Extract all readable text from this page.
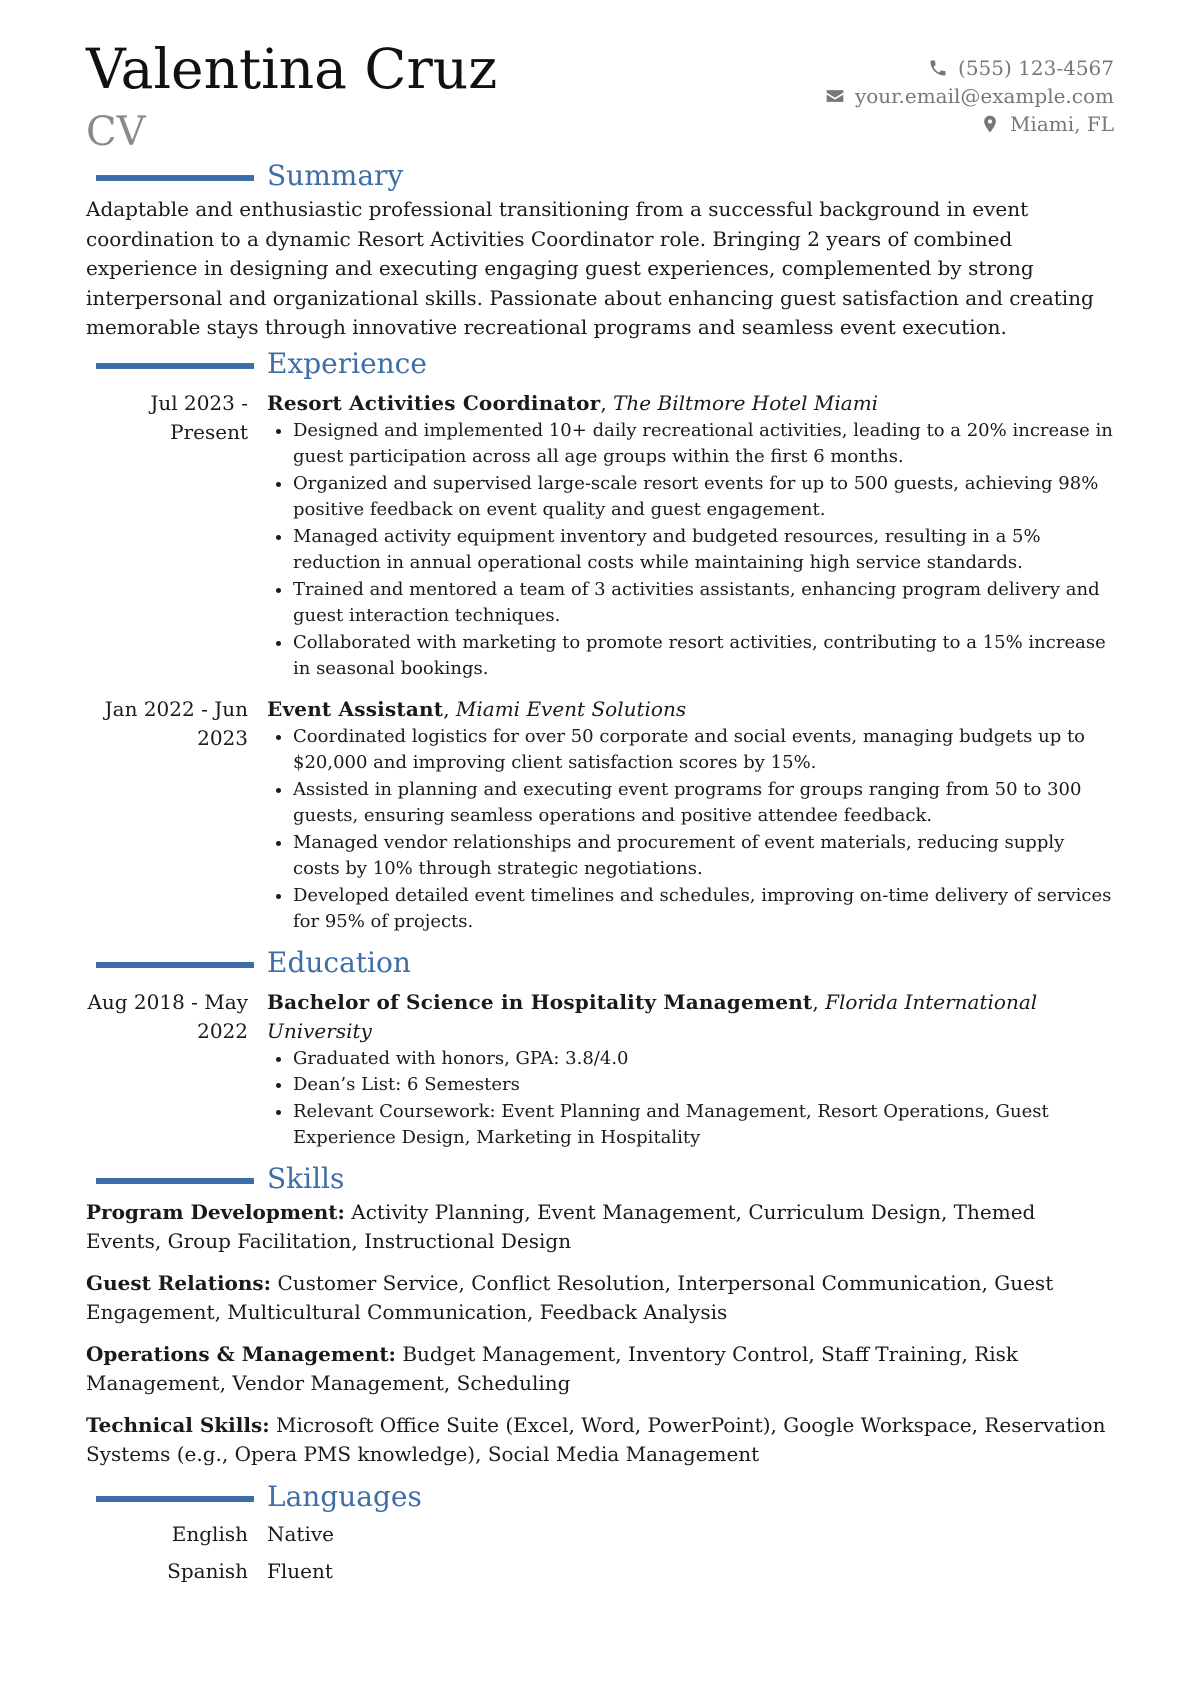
Valentina Cruz
CV
(555) 123-4567
your.email@example.com
Miami, FL
Summary

Adaptable and enthusiastic professional transitioning from a successful background in event coordination to a dynamic Resort Activities Coordinator role. Bringing 2 years of combined experience in designing and executing engaging guest experiences, complemented by strong interpersonal and organizational skills. Passionate about enhancing guest satisfaction and creating memorable stays through innovative recreational programs and seamless event execution.

Experience
Jul 2023 - Present
Resort Activities Coordinator, The Biltmore Hotel Miami
• Designed and implemented 10+ daily recreational activities, leading to a 20% increase in guest participation across all age groups within the first 6 months.
• Organized and supervised large-scale resort events for up to 500 guests, achieving 98% positive feedback on event quality and guest engagement.
• Managed activity equipment inventory and budgeted resources, resulting in a 5% reduction in annual operational costs while maintaining high service standards.
• Trained and mentored a team of 3 activities assistants, enhancing program delivery and guest interaction techniques.
• Collaborated with marketing to promote resort activities, contributing to a 15% increase in seasonal bookings.
Jan 2022 - Jun 2023
Event Assistant, Miami Event Solutions
• Coordinated logistics for over 50 corporate and social events, managing budgets up to $20,000 and improving client satisfaction scores by 15%.
• Assisted in planning and executing event programs for groups ranging from 50 to 300 guests, ensuring seamless operations and positive attendee feedback.
• Managed vendor relationships and procurement of event materials, reducing supply costs by 10% through strategic negotiations.
• Developed detailed event timelines and schedules, improving on-time delivery of services for 95% of projects.
Education
Aug 2018 - May 2022
Bachelor of Science in Hospitality Management, Florida International University
• Graduated with honors, GPA: 3.8/4.0
• Dean’s List: 6 Semesters
• Relevant Coursework: Event Planning and Management, Resort Operations, Guest Experience Design, Marketing in Hospitality
Skills

Program Development: Activity Planning, Event Management, Curriculum Design, Themed Events, Group Facilitation, Instructional Design

Guest Relations: Customer Service, Conflict Resolution, Interpersonal Communication, Guest Engagement, Multicultural Communication, Feedback Analysis

Operations & Management: Budget Management, Inventory Control, Staff Training, Risk Management, Vendor Management, Scheduling

Technical Skills: Microsoft Office Suite (Excel, Word, PowerPoint), Google Workspace, Reservation Systems (e.g., Opera PMS knowledge), Social Media Management

Languages
English Native
Spanish Fluent
